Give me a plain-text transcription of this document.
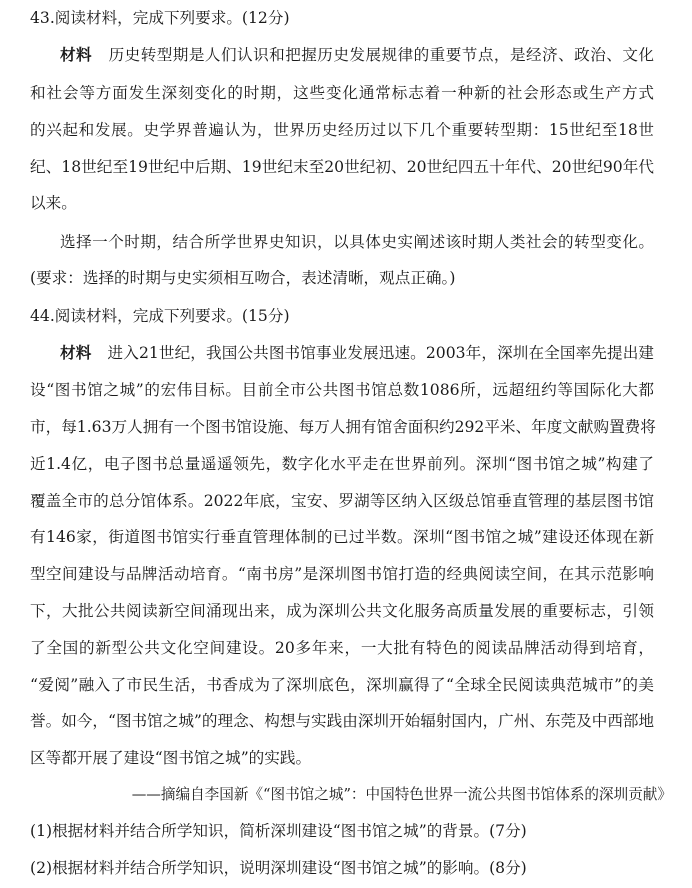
43.阅读材料，完成下列要求。(12分)
材料 历史转型期是人们认识和把握历史发展规律的重要节点，是经济、政治、文化
和社会等方面发生深刻变化的时期，这些变化通常标志着一种新的社会形态或生产方式
的兴起和发展。史学界普遍认为，世界历史经历过以下几个重要转型期：15世纪至18世
纪、18世纪至19世纪中后期、19世纪末至20世纪初、20世纪四五十年代、20世纪90年代
以来。
选择一个时期，结合所学世界史知识，以具体史实阐述该时期人类社会的转型变化。
(要求：选择的时期与史实须相互吻合，表述清晰，观点正确。)
44.阅读材料，完成下列要求。(15分)
材料 进入21世纪，我国公共图书馆事业发展迅速。2003年，深圳在全国率先提出建
设“图书馆之城”的宏伟目标。目前全市公共图书馆总数1086所，远超纽约等国际化大都
市，每1.63万人拥有一个图书馆设施、每万人拥有馆舍面积约292平米、年度文献购置费将
近1.4亿，电子图书总量遥遥领先，数字化水平走在世界前列。深圳“图书馆之城”构建了
覆盖全市的总分馆体系。2022年底，宝安、罗湖等区纳入区级总馆垂直管理的基层图书馆
有146家，街道图书馆实行垂直管理体制的已过半数。深圳“图书馆之城”建设还体现在新
型空间建设与品牌活动培育。“南书房”是深圳图书馆打造的经典阅读空间，在其示范影响
下，大批公共阅读新空间涌现出来，成为深圳公共文化服务高质量发展的重要标志，引领
了全国的新型公共文化空间建设。20多年来，一大批有特色的阅读品牌活动得到培育，
“爱阅”融入了市民生活，书香成为了深圳底色，深圳赢得了“全球全民阅读典范城市”的美
誉。如今，“图书馆之城”的理念、构想与实践由深圳开始辐射国内，广州、东莞及中西部地
区等都开展了建设“图书馆之城”的实践。
——摘编自李国新《“图书馆之城”：中国特色世界一流公共图书馆体系的深圳贡献》
(1)根据材料并结合所学知识，简析深圳建设“图书馆之城”的背景。(7分)
(2)根据材料并结合所学知识，说明深圳建设“图书馆之城”的影响。(8分)
